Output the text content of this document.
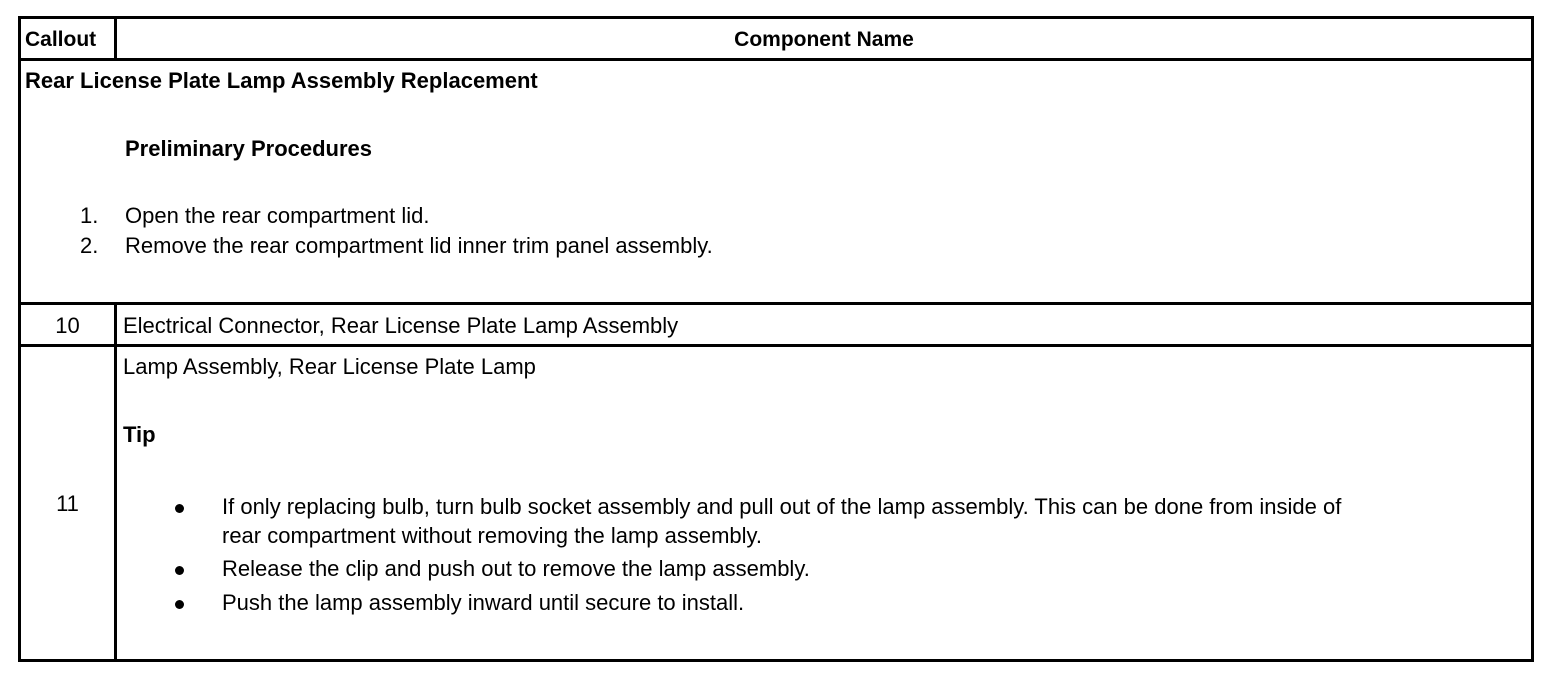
Callout	Component Name
Rear License Plate Lamp Assembly Replacement
Preliminary Procedures
1. Open the rear compartment lid.
2. Remove the rear compartment lid inner trim panel assembly.
10	Electrical Connector, Rear License Plate Lamp Assembly
11
Lamp Assembly, Rear License Plate Lamp
Tip
If only replacing bulb, turn bulb socket assembly and pull out of the lamp assembly. This can be done from inside of
rear compartment without removing the lamp assembly.
Release the clip and push out to remove the lamp assembly.
Push the lamp assembly inward until secure to install.
